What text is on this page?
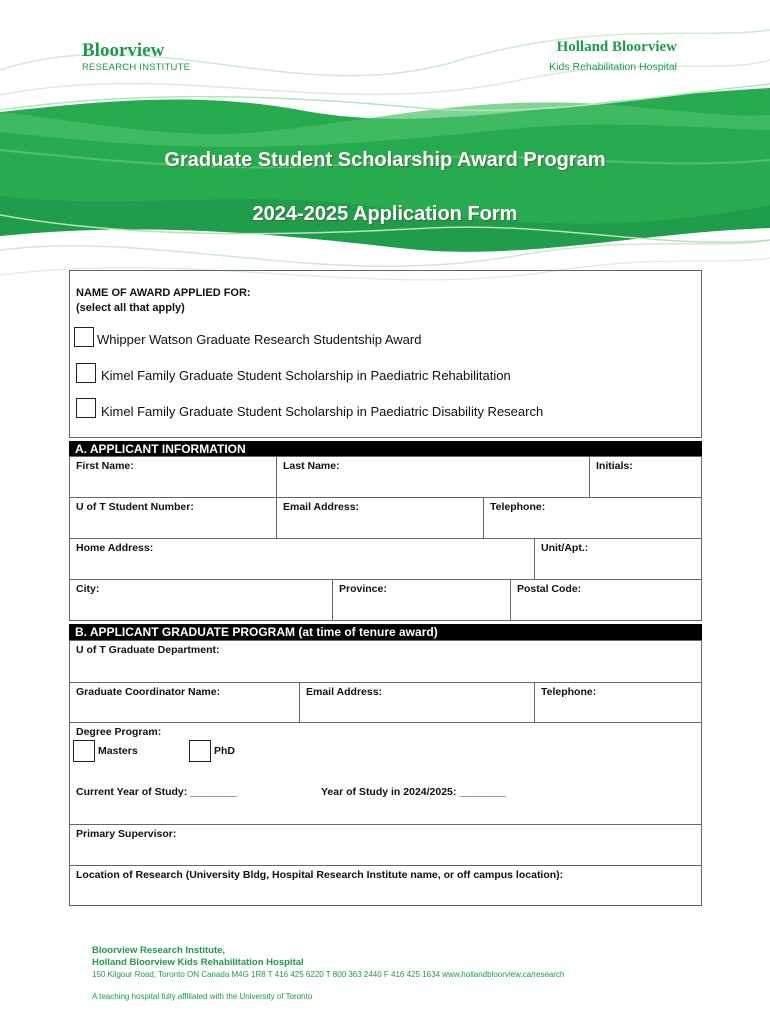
Bloorview
RESEARCH INSTITUTE
Holland Bloorview
Kids Rehabilitation Hospital
Graduate Student Scholarship Award Program
2024-2025 Application Form
NAME OF AWARD APPLIED FOR:
(select all that apply)
Whipper Watson Graduate Research Studentship Award
Kimel Family Graduate Student Scholarship in Paediatric Rehabilitation
Kimel Family Graduate Student Scholarship in Paediatric Disability Research
A. APPLICANT INFORMATION
First Name:	Last Name:	Initials:
U of T Student Number:	Email Address:	Telephone:
Home Address:	Unit/Apt.:
City:	Province:	Postal Code:
B. APPLICANT GRADUATE PROGRAM (at time of tenure award)
U of T Graduate Department:
Graduate Coordinator Name:	Email Address:	Telephone:
Degree Program:
Masters	PhD
Current Year of Study: ________	Year of Study in 2024/2025: ________
Primary Supervisor:
Location of Research (University Bldg, Hospital Research Institute name, or off campus location):
Bloorview Research Institute,
Holland Bloorview Kids Rehabilitation Hospital
150 Kilgour Road, Toronto ON Canada M4G 1R8 T 416 425 6220 T 800 363 2440 F 416 425 1634 www.hollandbloorview.ca/research
A teaching hospital fully affiliated with the University of Toronto
